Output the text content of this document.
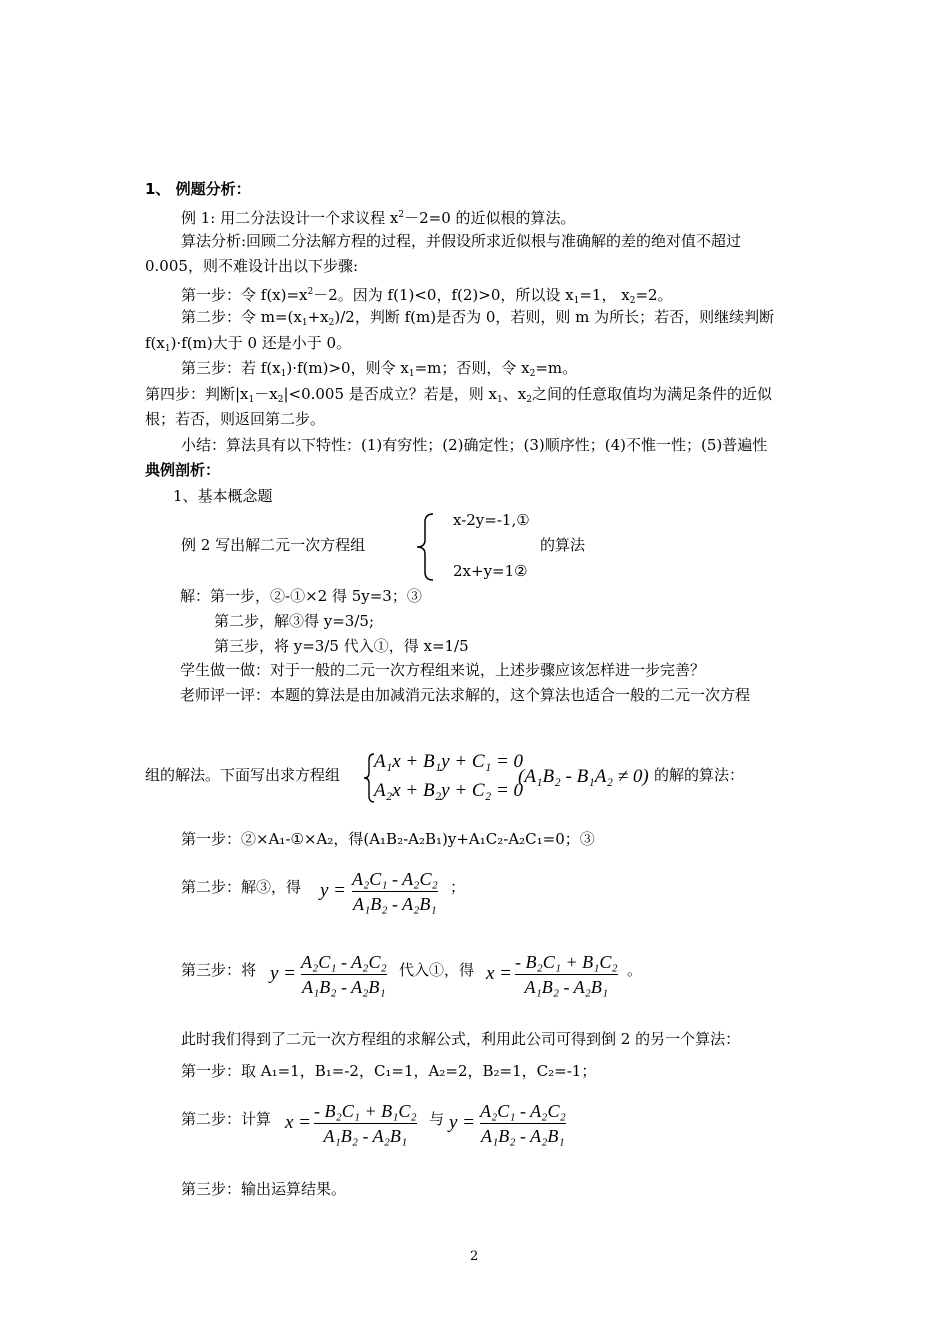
1、 例题分析：
例 1: 用二分法设计一个求议程 $x^2-2=0$ 的近似根的算法。
算法分析:回顾二分法解方程的过程，并假设所求近似根与准确解的差的绝对值不超过
0.005，则不难设计出以下步骤:
第一步：令 $f(x)=x^2-2$。因为 f(1)<0，f(2)>0，所以设 $x_1=1$， $x_2=2$。
第二步：令 $m=(x_1+x_2)/2$，判断 f(m)是否为 0，若则，则 m 为所长；若否，则继续判断
$f(x_1)\cdot f(m)$大于 0 还是小于 0。
第三步：若 $f(x_1)\cdot f(m)>0$，则令 $x_1=m$；否则，令 $x_2=m$。
第四步：判断$|x_1-x_2|<0.005$ 是否成立？若是，则 $x_1$、$x_2$之间的任意取值均为满足条件的近似
根；若否，则返回第二步。
小结：算法具有以下特性：(1)有穷性；(2)确定性；(3)顺序性；(4)不惟一性；(5)普遍性
典例剖析：
1、基本概念题
例 2 写出解二元一次方程组
x-2y=-1,①
2x+y=1②
的算法
解：第一步，②-①×2 得 5y=3；③
第二步，解③得 y=3/5;
第三步，将 y=3/5 代入①，得 x=1/5
学生做一做：对于一般的二元一次方程组来说，上述步骤应该怎样进一步完善？
老师评一评：本题的算法是由加减消元法求解的，这个算法也适合一般的二元一次方程
组的解法。下面写出求方程组
A₁x + B₁y + C₁ = 0
A₂x + B₂y + C₂ = 0
(A₁B₂ - B₁A₂ ≠ 0) 的解的算法：
第一步：②×A₁-①×A₂，得(A₁B₂-A₂B₁)y+A₁C₂-A₂C₁=0；③
第二步：解③，得 y =
A₂C₁ - A₂C₂
A₁B₂ - A₂B₁
；
第三步：将 y =
A₂C₁ - A₂C₂
A₁B₂ - A₂B₁
代入①，得 x =
- B₂C₁ + B₁C₂
A₁B₂ - A₂B₁
。
此时我们得到了二元一次方程组的求解公式，利用此公司可得到倒 2 的另一个算法：
第一步：取 A₁=1，B₁=-2，C₁=1，A₂=2，B₂=1，C₂=-1；
第二步：计算 x =
- B₂C₁ + B₁C₂
A₁B₂ - A₂B₁
与 y =
A₂C₁ - A₂C₂
A₁B₂ - A₂B₁
第三步：输出运算结果。
2
